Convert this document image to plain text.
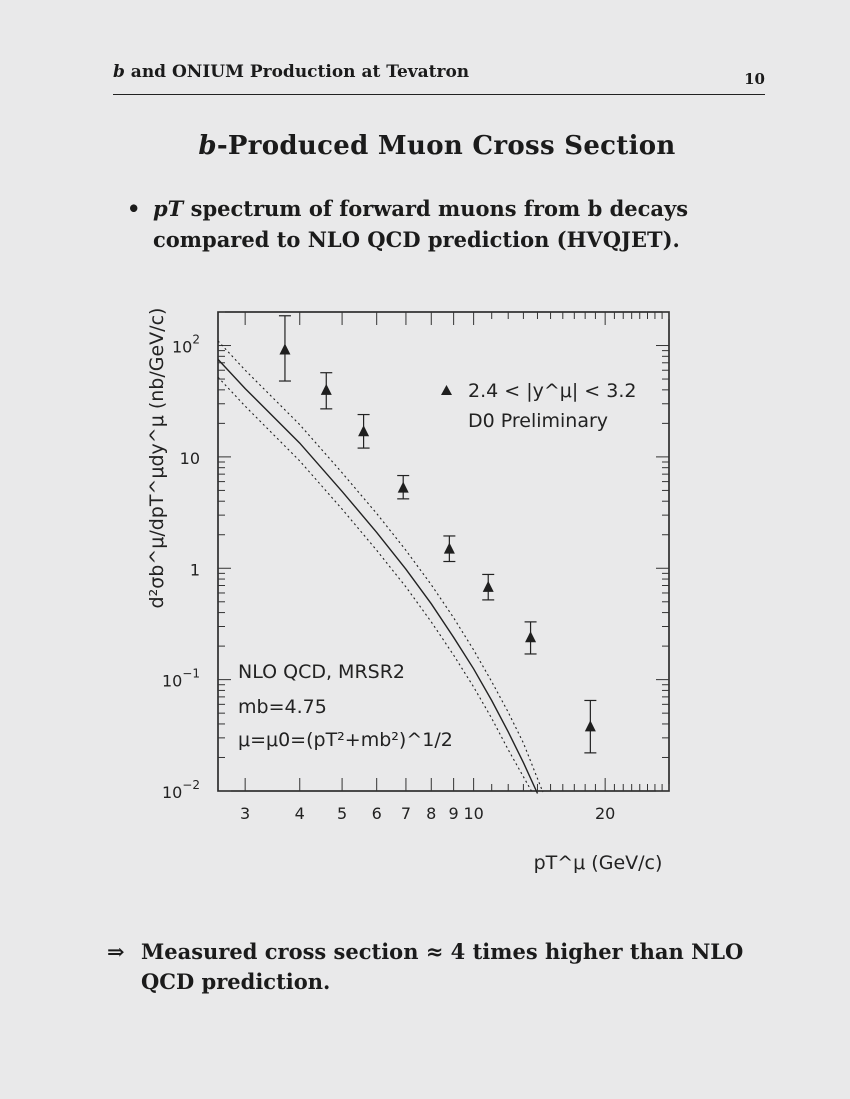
b and ONIUM Production at Tevatron	10
b-Produced Muon Cross Section
• pT spectrum of forward muons from b decays compared to NLO QCD prediction (HVQJET).
$10^{-2}$
$10^{-1}$
1
10
$10^2$
3	4 5 6 7 8 9 10	20
d²σb^μ/dpT^μdy^μ (nb/GeV/c)
pT^μ (GeV/c)
2.4 < |y^μ| < 3.2
D0 Preliminary
NLO QCD, MRSR2
mb=4.75
μ=μ0=(pT²+mb²)^1/2
⇒ Measured cross section ≈ 4 times higher than NLO QCD prediction.
